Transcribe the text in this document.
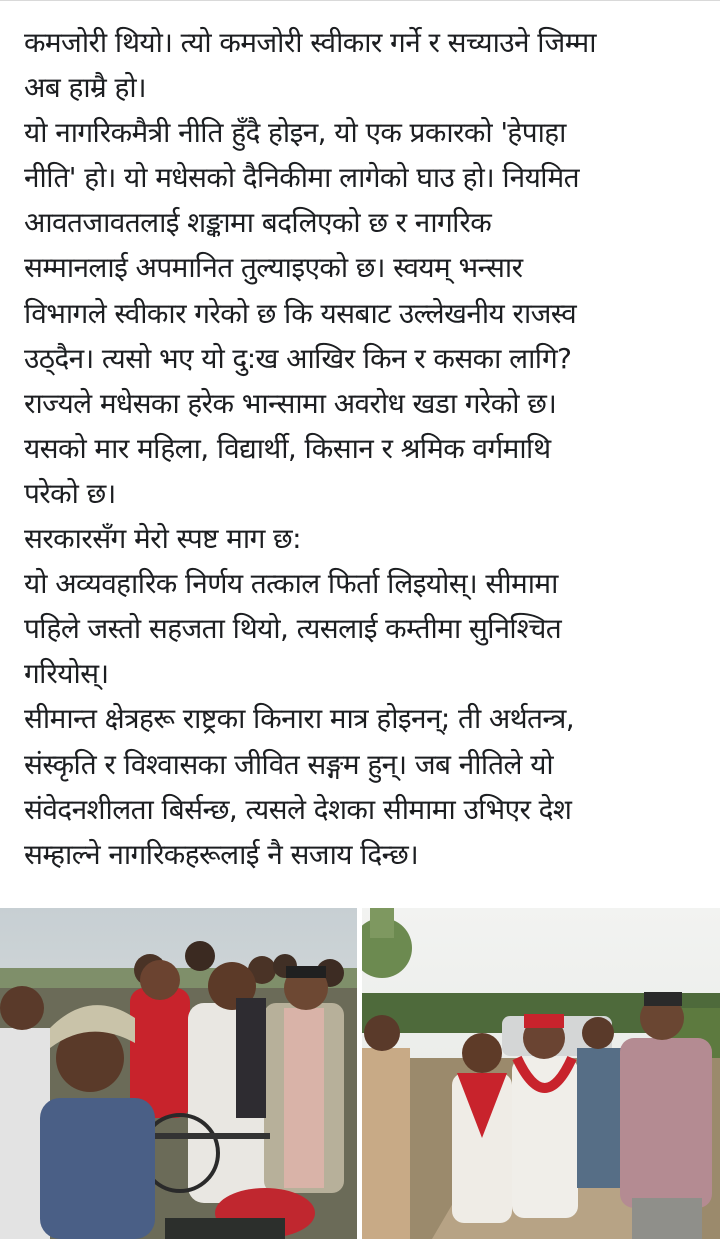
कमजोरी थियो। त्यो कमजोरी स्वीकार गर्ने र सच्याउने जिम्मा
अब हाम्रै हो।
यो नागरिकमैत्री नीति हुँदै होइन, यो एक प्रकारको 'हेपाहा
नीति' हो। यो मधेसको दैनिकीमा लागेको घाउ हो। नियमित
आवतजावतलाई शङ्कामा बदलिएको छ र नागरिक
सम्मानलाई अपमानित तुल्याइएको छ। स्वयम् भन्सार
विभागले स्वीकार गरेको छ कि यसबाट उल्लेखनीय राजस्व
उठ्दैन। त्यसो भए यो दु:ख आखिर किन र कसका लागि?
राज्यले मधेसका हरेक भान्सामा अवरोध खडा गरेको छ।
यसको मार महिला, विद्यार्थी, किसान र श्रमिक वर्गमाथि
परेको छ।
सरकारसँग मेरो स्पष्ट माग छ:
यो अव्यवहारिक निर्णय तत्काल फिर्ता लिइयोस्। सीमामा
पहिले जस्तो सहजता थियो, त्यसलाई कम्तीमा सुनिश्चित
गरियोस्।
सीमान्त क्षेत्रहरू राष्ट्रका किनारा मात्र होइनन्; ती अर्थतन्त्र,
संस्कृति र विश्वासका जीवित सङ्गम हुन्। जब नीतिले यो
संवेदनशीलता बिर्सन्छ, त्यसले देशका सीमामा उभिएर देश
सम्हाल्ने नागरिकहरूलाई नै सजाय दिन्छ।
